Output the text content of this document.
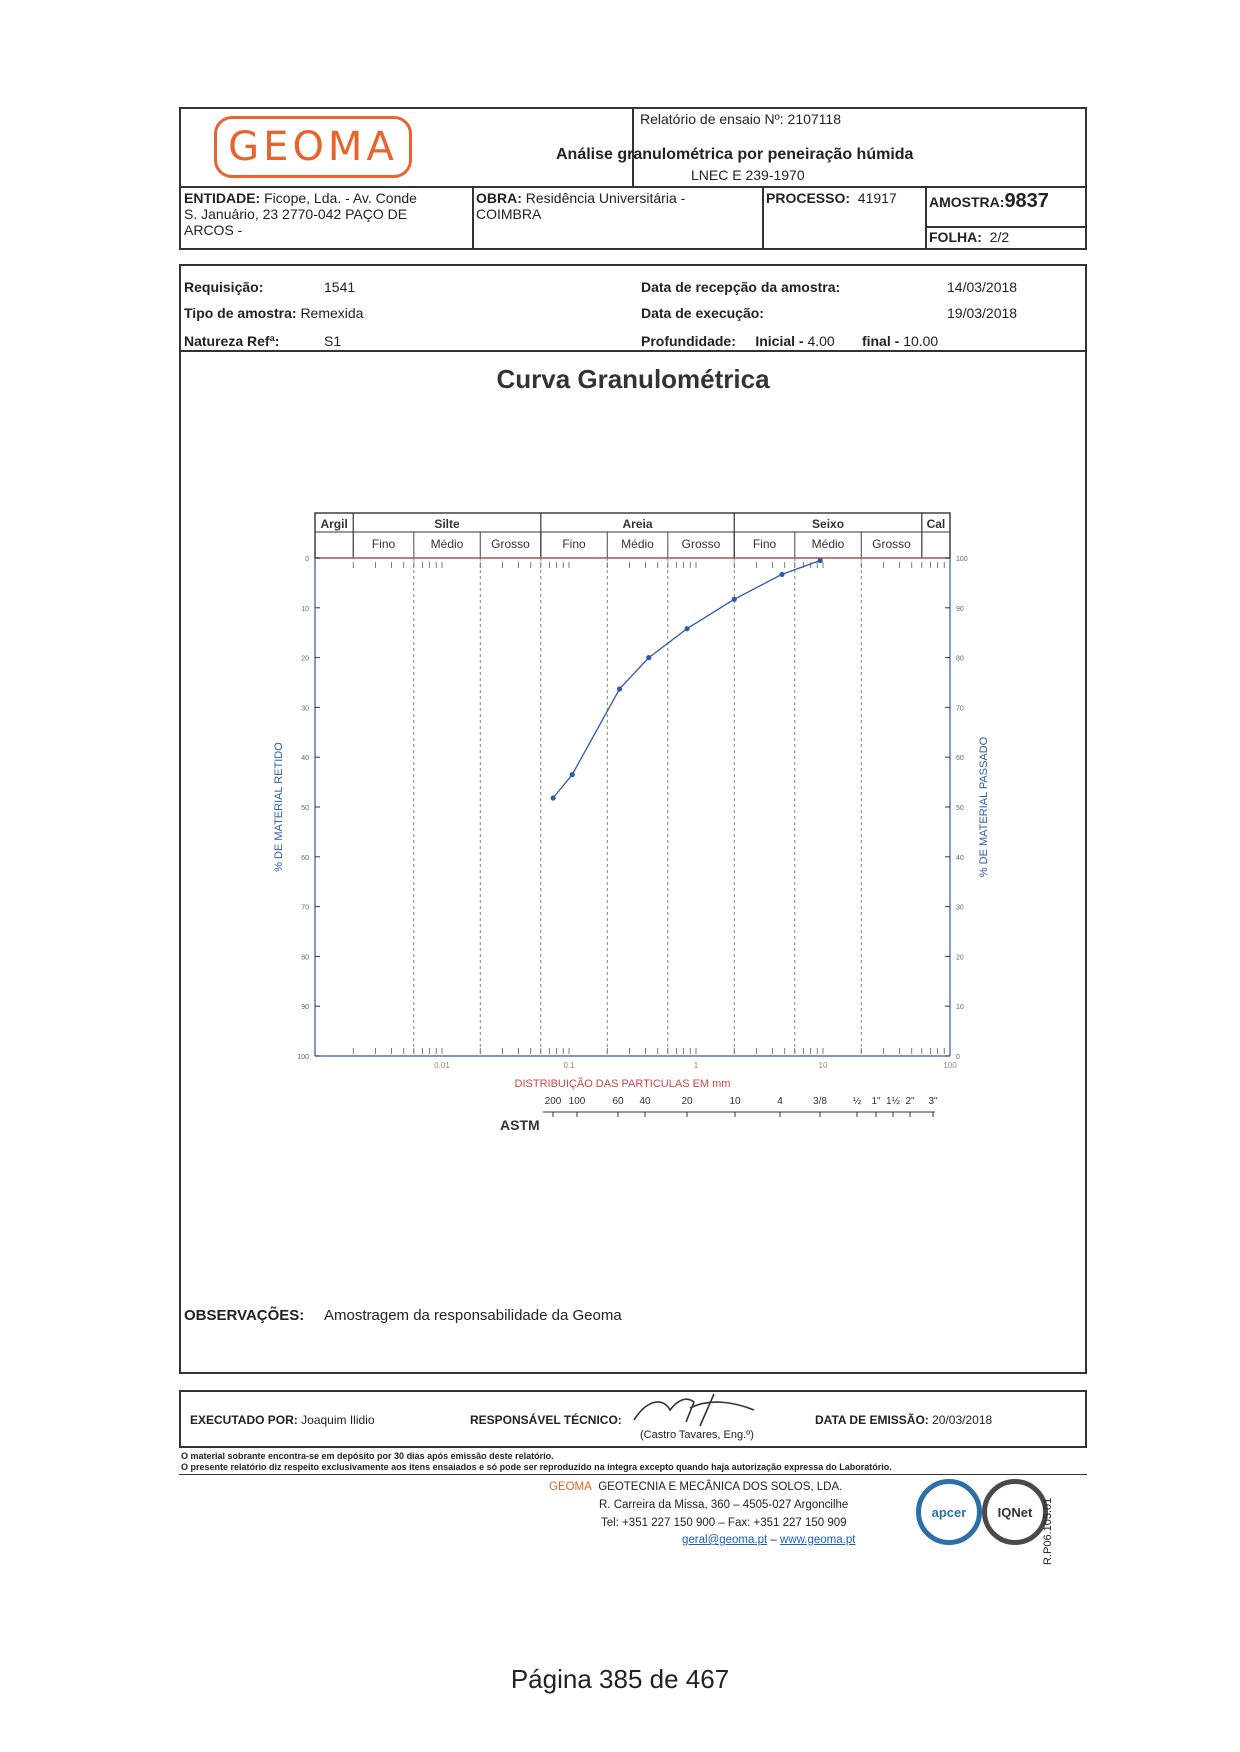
GEOMA
Relatório de ensaio Nº: 2107118
Análise granulométrica por peneiração húmida
LNEC E 239-1970
ENTIDADE: Ficope, Lda. - Av. Conde
S. Januário, 23 2770-042 PAÇO DE
ARCOS -
OBRA: Residência Universitária -
COIMBRA
PROCESSO: 41917 AMOSTRA:9837
FOLHA: 2/2
Requisição:	1541
Tipo de amostra: Remexida
Natureza Refª:	S1
Data de recepção da amostra:	14/03/2018
Data de execução:	19/03/2018
Profundidade: Inicial - 4.00 final - 10.00
Curva Granulométrica
Argil	Silte	Areia	Seixo	Cal
Fino	Médio Grosso	Fino	Médio Grosso	Fino	Médio Grosso
0
10
20
30
40
50
60
70
80
90
100
100
90
80
70
60
50
40
30
20
10
0
0.01	0.1	1	10	100
DISTRIBUIÇÃO DAS PARTICULAS EM mm
% DE MATERIAL RETIDO	% DE MATERIAL PASSADO
ASTM
200 100	60 40	20	10	4	3/8	½ 1" 1½ 2" 3"
OBSERVAÇÕES: Amostragem da responsabilidade da Geoma
EXECUTADO POR: Joaquim Ilidio	RESPONSÁVEL TÉCNICO:
(Castro Tavares, Eng.º)
DATA DE EMISSÃO: 20/03/2018
O material sobrante encontra-se em depósito por 30 dias após emissão deste relatório.
O presente relatório diz respeito exclusivamente aos itens ensaiados e só pode ser reproduzido na íntegra excepto quando haja autorização expressa do Laboratório.
GEOMA GEOTECNIA E MECÂNICA DOS SOLOS, LDA.
R. Carreira da Missa, 360 – 4505-027 Argoncilhe
Tel: +351 227 150 900 – Fax: +351 227 150 909
geral@geoma.pt – www.geoma.pt
apcer IQNet R.P06.105.01
Página 385 de 467
